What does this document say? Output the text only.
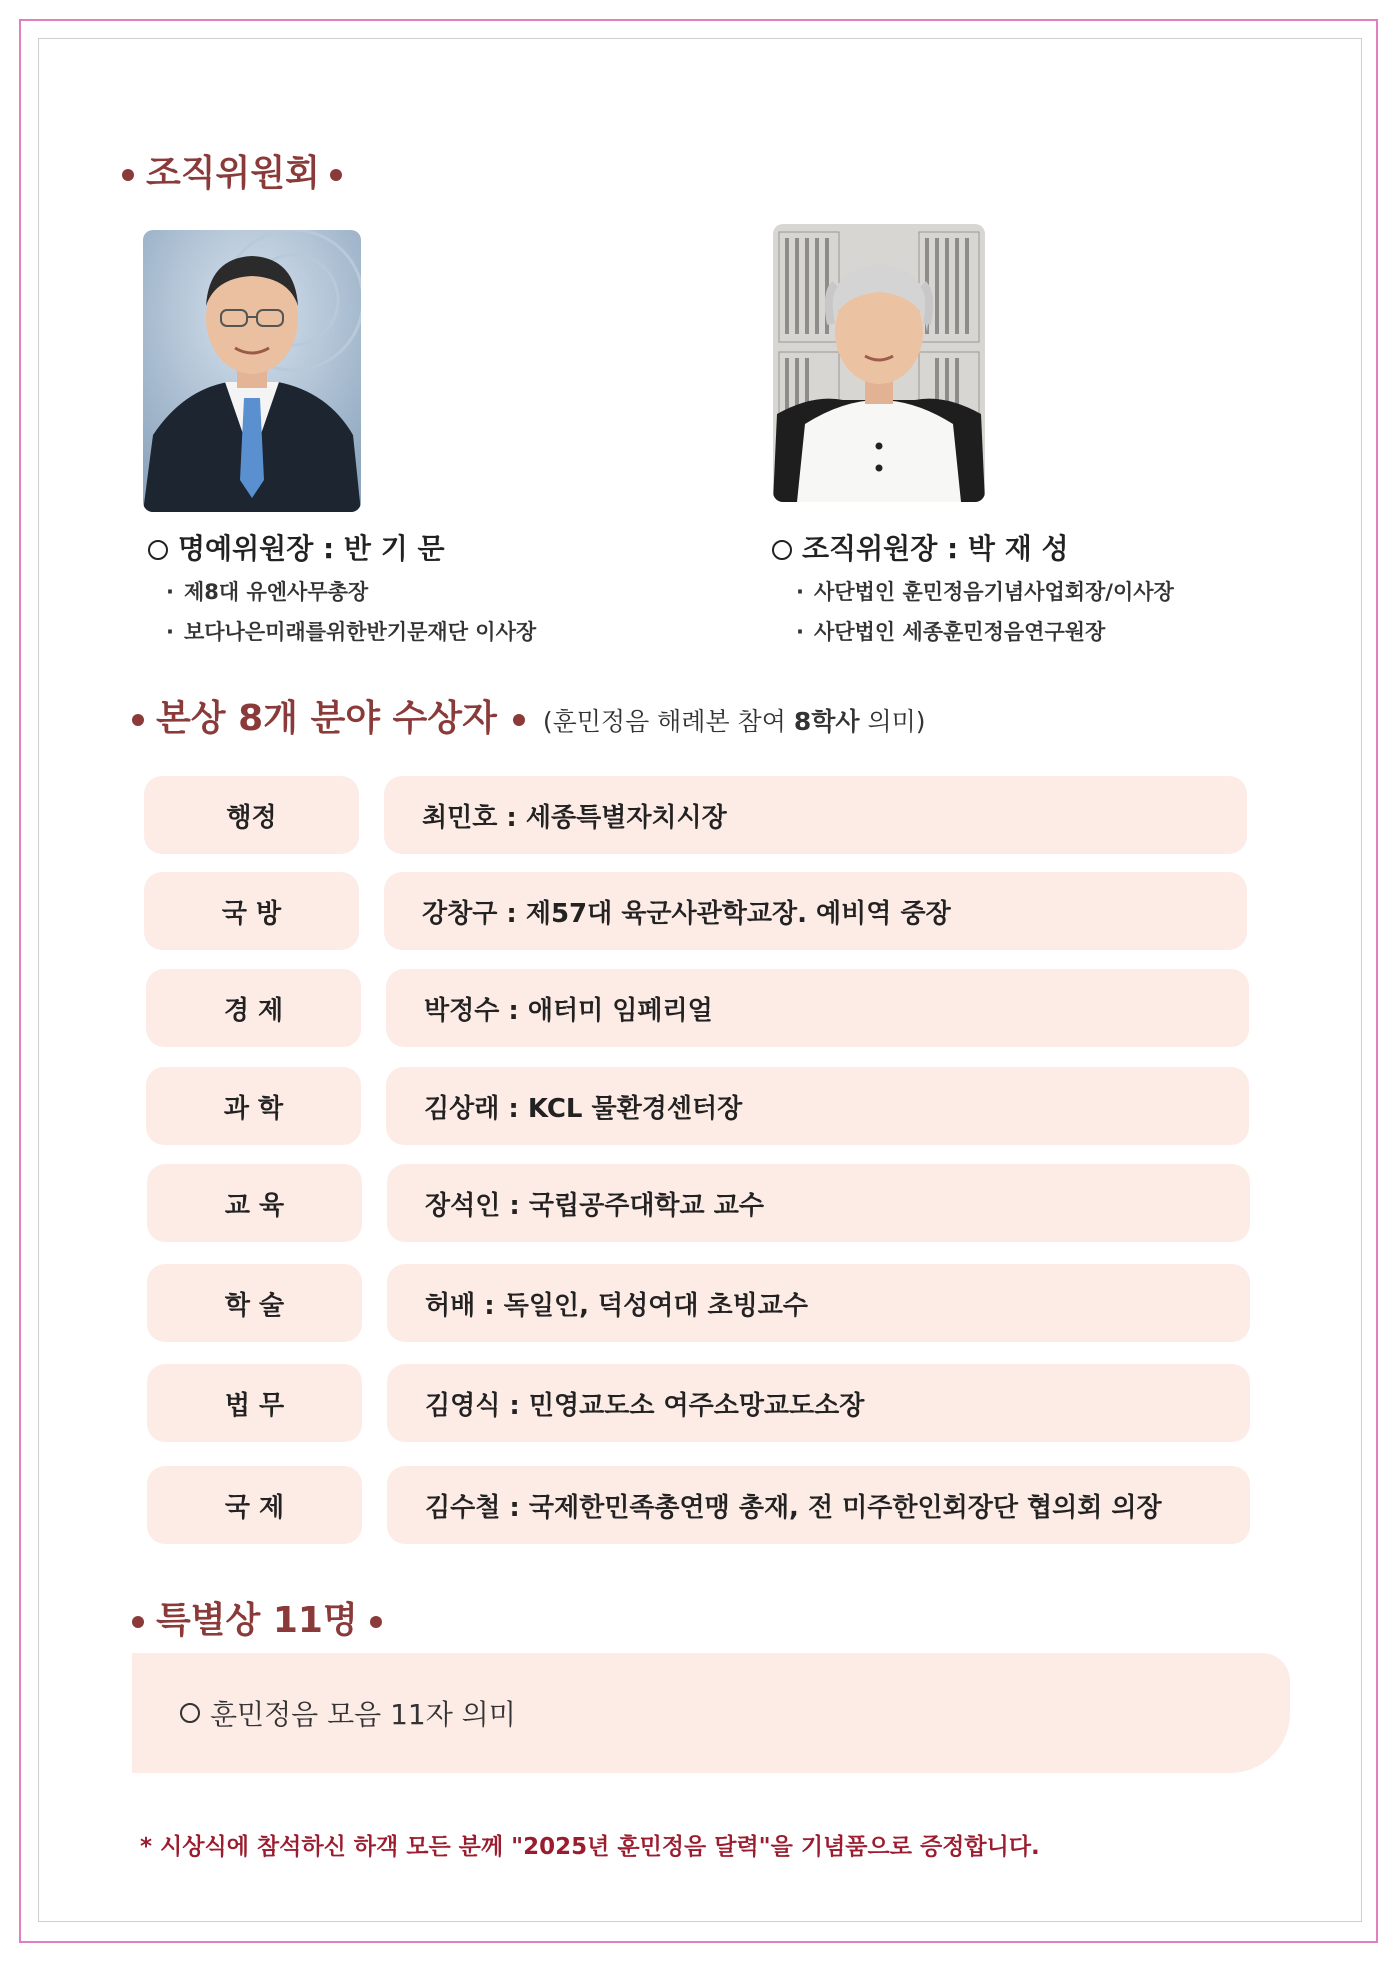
조직위원회
명예위원장 : 반 기 문
· 제8대 유엔사무총장
· 보다나은미래를위한반기문재단 이사장
조직위원장 : 박 재 성
· 사단법인 훈민정음기념사업회장/이사장
· 사단법인 세종훈민정음연구원장
본상 8개 분야 수상자 (훈민정음 해례본 참여 8학사 의미)
행정	최민호 : 세종특별자치시장
국 방	강창구 : 제57대 육군사관학교장. 예비역 중장
경 제	박정수 : 애터미 임페리얼
과 학	김상래 : KCL 물환경센터장
교 육	장석인 : 국립공주대학교 교수
학 술	허배 : 독일인, 덕성여대 초빙교수
법 무	김영식 : 민영교도소 여주소망교도소장
국 제	김수철 : 국제한민족총연맹 총재, 전 미주한인회장단 협의회 의장
특별상 11명
훈민정음 모음 11자 의미
* 시상식에 참석하신 하객 모든 분께 "2025년 훈민정음 달력"을 기념품으로 증정합니다.
